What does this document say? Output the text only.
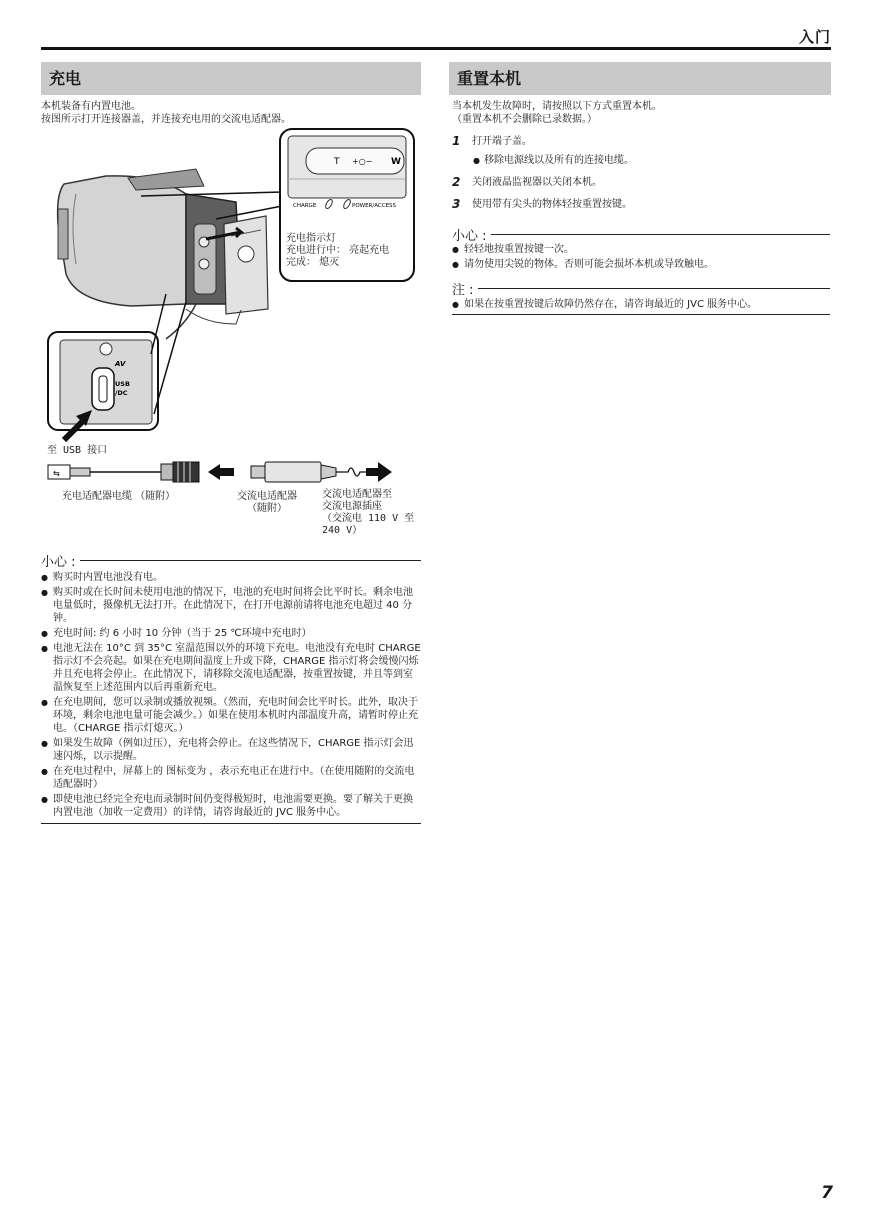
入门
充电
本机装备有内置电池。
按图所示打开连接器盖，并连接充电用的交流电适配器。
T	W
+○−
CHARGE	POWER/ACCESS
AV
USB
/DC
⇆
充电指示灯
充电进行中： 亮起充电
完成： 熄灭
至 USB 接口
充电适配器电缆 （随附）	交流电适配器
（随附）
交流电适配器至
交流电源插座
（交流电 110 V 至
240 V）
小心 :
● 购买时内置电池没有电。
● 购买时或在长时间未使用电池的情况下，电池的充电时间将会比平时长。剩余电池电量低时，摄像机无法打开。在此情况下，在打开电源前请将电池充电超过 40 分钟。
● 充电时间: 约 6 小时 10 分钟（当于 25 ℃环境中充电时）
● 电池无法在 10°C 到 35°C 室温范围以外的环境下充电。电池没有充电时 CHARGE 指示灯不会亮起。如果在充电期间温度上升或下降，CHARGE 指示灯将会缓慢闪烁并且充电将会停止。在此情况下，请移除交流电适配器，按重置按键，并且等到室温恢复至上述范围内以后再重新充电。
● 在充电期间，您可以录制或播放视频。（然而，充电时间会比平时长。此外，取决于环境，剩余电池电量可能会减少。）如果在使用本机时内部温度升高，请暂时停止充电。（CHARGE 指示灯熄灭。）
● 如果发生故障（例如过压），充电将会停止。在这些情况下，CHARGE 指示灯会迅速闪烁，以示提醒。
● 在充电过程中，屏幕上的 图标变为 ，表示充电正在进行中。（在使用随附的交流电适配器时）
● 即使电池已经完全充电而录制时间仍变得极短时，电池需要更换。要了解关于更换内置电池（加收一定费用）的详情，请咨询最近的 JVC 服务中心。
重置本机
当本机发生故障时，请按照以下方式重置本机。
（重置本机不会删除已录数据。）
1	打开端子盖。
● 移除电源线以及所有的连接电缆。
2	关闭液晶监视器以关闭本机。
3	使用带有尖头的物体轻按重置按键。
小心 :
● 轻轻地按重置按键一次。
● 请勿使用尖锐的物体。否则可能会损坏本机或导致触电。
注 :
● 如果在按重置按键后故障仍然存在，请咨询最近的 JVC 服务中心。
7
